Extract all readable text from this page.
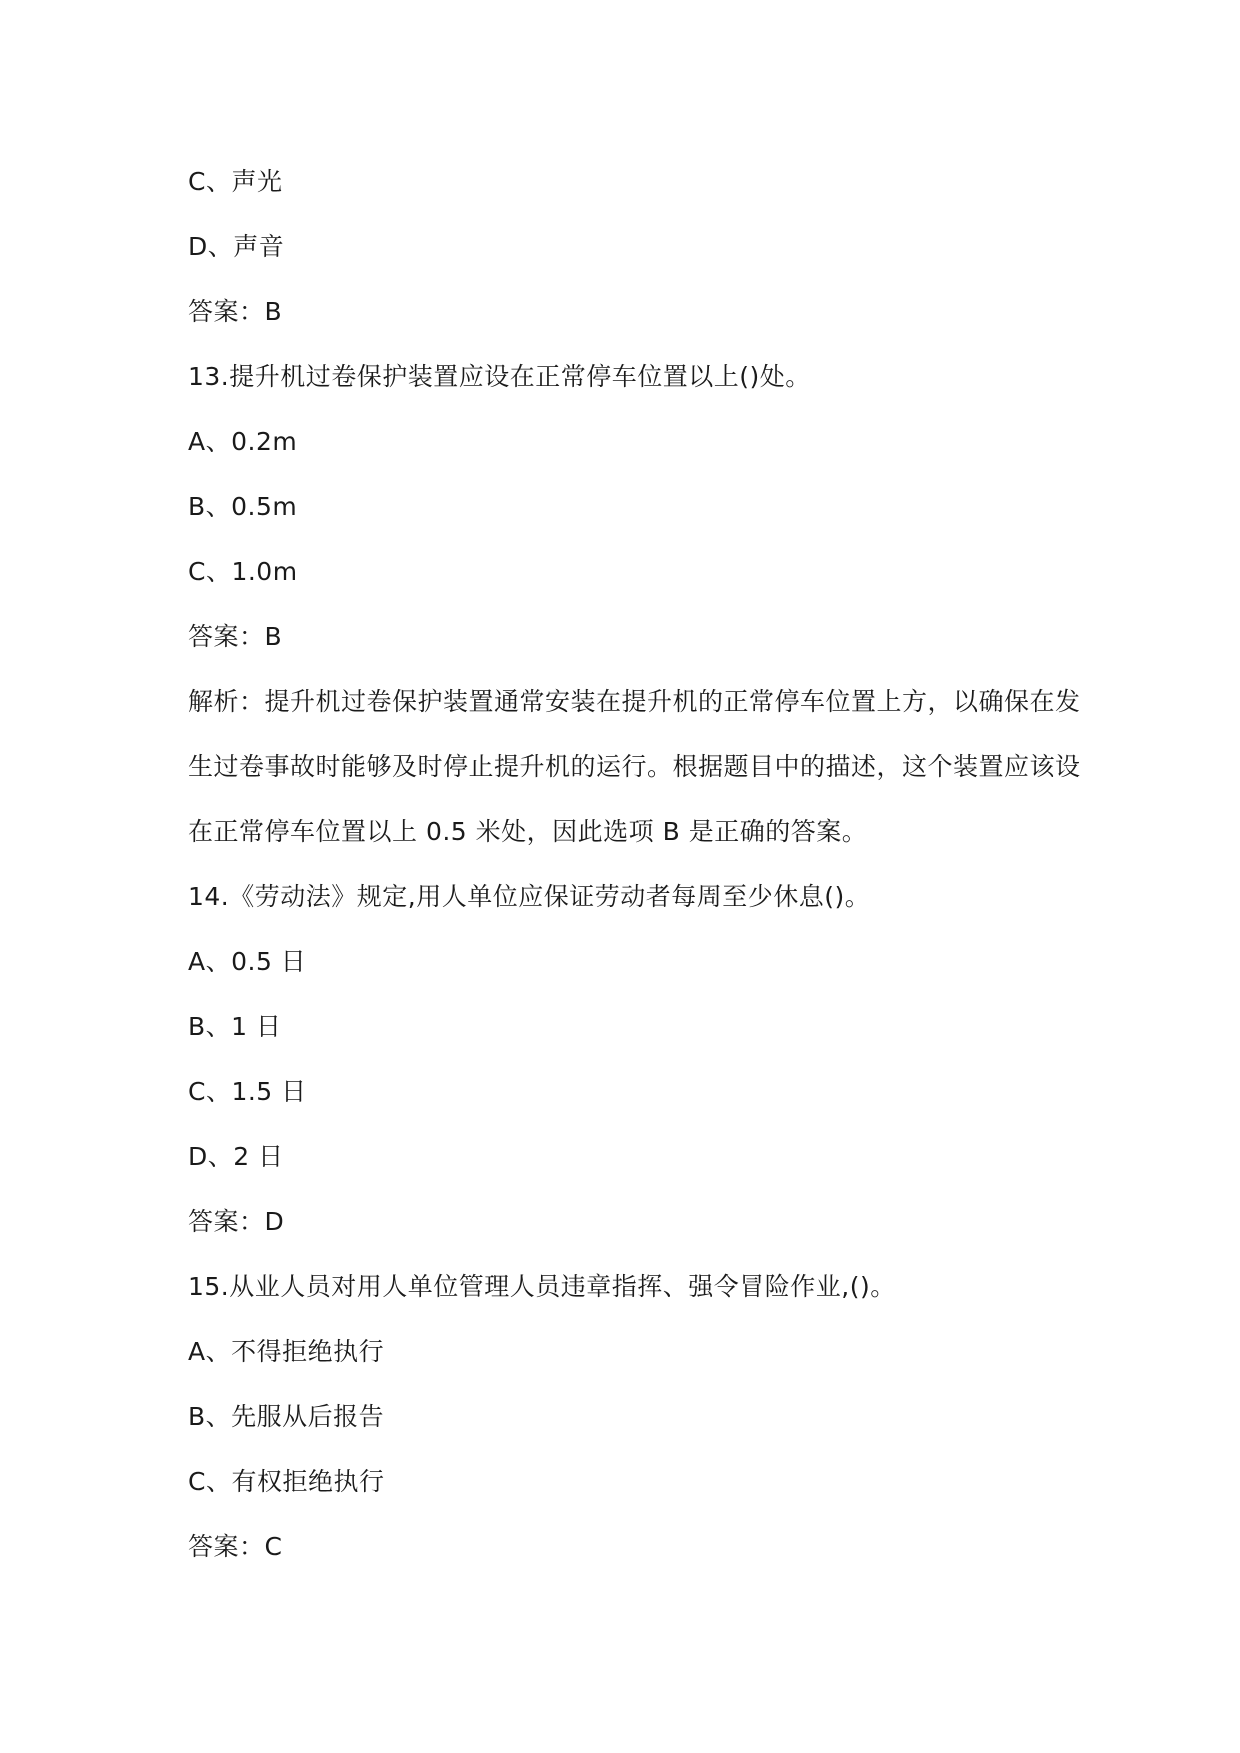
C、声光
D、声音
答案：B
13.提升机过卷保护装置应设在正常停车位置以上()处。
A、0.2m
B、0.5m
C、1.0m
答案：B
解析：提升机过卷保护装置通常安装在提升机的正常停车位置上方，以确保在发
生过卷事故时能够及时停止提升机的运行。根据题目中的描述，这个装置应该设
在正常停车位置以上 0.5 米处，因此选项 B 是正确的答案。
14.《劳动法》规定,用人单位应保证劳动者每周至少休息()。
A、0.5 日
B、1 日
C、1.5 日
D、2 日
答案：D
15.从业人员对用人单位管理人员违章指挥、强令冒险作业,()。
A、不得拒绝执行
B、先服从后报告
C、有权拒绝执行
答案：C
